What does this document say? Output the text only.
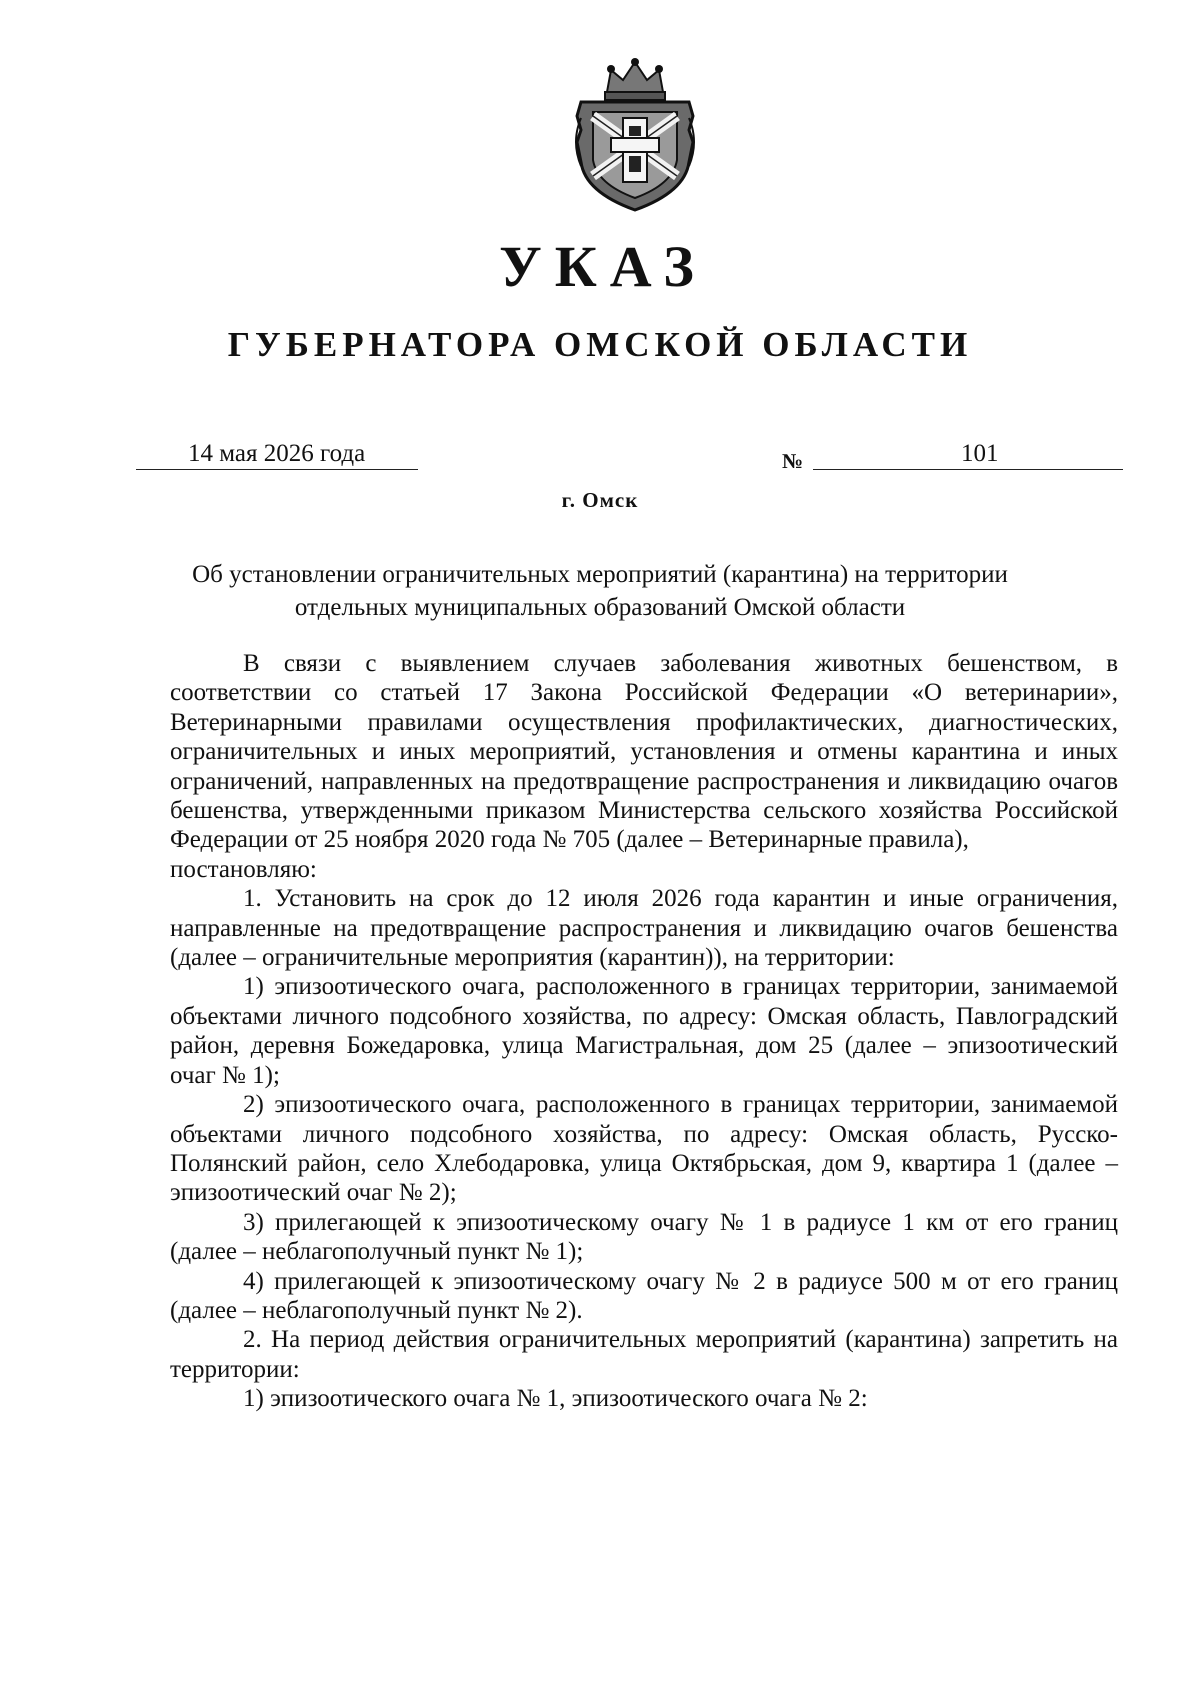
УКАЗ
ГУБЕРНАТОРА ОМСКОЙ ОБЛАСТИ
14 мая 2026 года	№	101
г. Омск
Об установлении ограничительных мероприятий (карантина) на территории
отдельных муниципальных образований Омской области

В связи с выявлением случаев заболевания животных бешенством, в соответствии со статьей 17 Закона Российской Федерации «О ветеринарии», Ветеринарными правилами осуществления профилактических, диагностических, ограничительных и иных мероприятий, установления и отмены карантина и иных ограничений, направленных на предотвращение распространения и ликвидацию очагов бешенства, утвержденными приказом Министерства сельского хозяйства Российской Федерации от 25 ноября 2020 года № 705 (далее – Ветеринарные правила),

постановляю:

1. Установить на срок до 12 июля 2026 года карантин и иные ограничения, направленные на предотвращение распространения и ликвидацию очагов бешенства (далее – ограничительные мероприятия (карантин)), на территории:

1) эпизоотического очага, расположенного в границах территории, занимаемой объектами личного подсобного хозяйства, по адресу: Омская область, Павлоградский район, деревня Божедаровка, улица Магистральная, дом 25 (далее – эпизоотический очаг № 1);

2) эпизоотического очага, расположенного в границах территории, занимаемой объектами личного подсобного хозяйства, по адресу: Омская область, Русско-Полянский район, село Хлебодаровка, улица Октябрьская, дом 9, квартира 1 (далее – эпизоотический очаг № 2);

3) прилегающей к эпизоотическому очагу № 1 в радиусе 1 км от его границ (далее – неблагополучный пункт № 1);

4) прилегающей к эпизоотическому очагу № 2 в радиусе 500 м от его границ (далее – неблагополучный пункт № 2).

2. На период действия ограничительных мероприятий (карантина) запретить на территории:

1) эпизоотического очага № 1, эпизоотического очага № 2:
